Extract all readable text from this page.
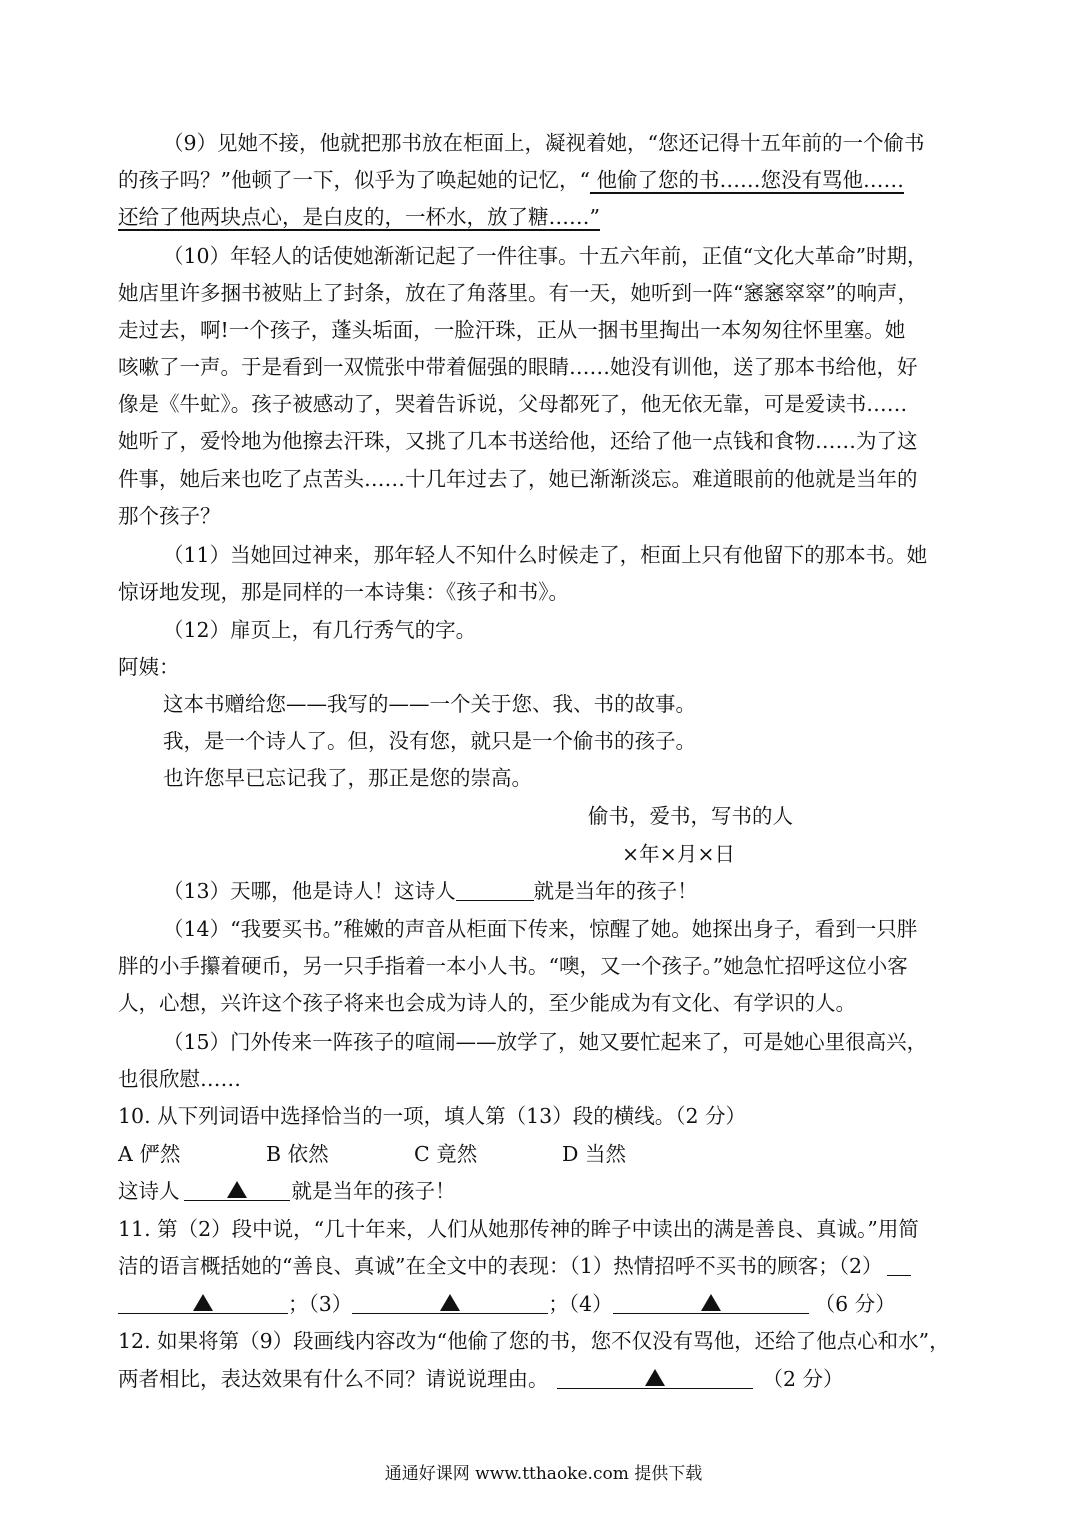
（9）见她不接，他就把那书放在柜面上，凝视着她，“您还记得十五年前的一个偷书
的孩子吗？”他顿了一下，似乎为了唤起她的记忆，“ 他偷了您的书……您没有骂他……
还给了他两块点心，是白皮的，一杯水，放了糖……”
（10）年轻人的话使她渐渐记起了一件往事。十五六年前，正值“文化大革命”时期，
她店里许多捆书被贴上了封条，放在了角落里。有一天，她听到一阵“窸窸窣窣”的响声，
走过去，啊!一个孩子，蓬头垢面，一脸汗珠，正从一捆书里掏出一本匆匆往怀里塞。她
咳嗽了一声。于是看到一双慌张中带着倔强的眼睛……她没有训他，送了那本书给他，好
像是《牛虻》。孩子被感动了，哭着告诉说，父母都死了，他无依无靠，可是爱读书……
她听了，爱怜地为他擦去汗珠，又挑了几本书送给他，还给了他一点钱和食物……为了这
件事，她后来也吃了点苦头……十几年过去了，她已渐渐淡忘。难道眼前的他就是当年的
那个孩子？
（11）当她回过神来，那年轻人不知什么时候走了，柜面上只有他留下的那本书。她
惊讶地发现，那是同样的一本诗集：《孩子和书》。
（12）扉页上，有几行秀气的字。
阿姨：
这本书赠给您——我写的——一个关于您、我、书的故事。
我，是一个诗人了。但，没有您，就只是一个偷书的孩子。
也许您早已忘记我了，那正是您的崇高。
偷书，爱书，写书的人
×年×月×日
（13）天哪，他是诗人！这诗人	就是当年的孩子！
（14）“我要买书。”稚嫩的声音从柜面下传来，惊醒了她。她探出身子，看到一只胖
胖的小手攥着硬币，另一只手指着一本小人书。“噢，又一个孩子。”她急忙招呼这位小客
人，心想，兴许这个孩子将来也会成为诗人的，至少能成为有文化、有学识的人。
（15）门外传来一阵孩子的喧闹——放学了，她又要忙起来了，可是她心里很高兴，
也很欣慰……
10. 从下列词语中选择恰当的一项，填人第（13）段的横线。（2 分）
A 俨然	B 依然	C 竟然	D 当然
这诗人	就是当年的孩子！
11. 第（2）段中说，“几十年来，人们从她那传神的眸子中读出的满是善良、真诚。”用简
洁的语言概括她的“善良、真诚”在全文中的表现：（1）热情招呼不买书的顾客；（2）
；（3）	；（4）	（6 分）
12. 如果将第（9）段画线内容改为“他偷了您的书，您不仅没有骂他，还给了他点心和水”，
两者相比，表达效果有什么不同？请说说理由。	（2 分）
通通好课网 www.tthaoke.com 提供下载
